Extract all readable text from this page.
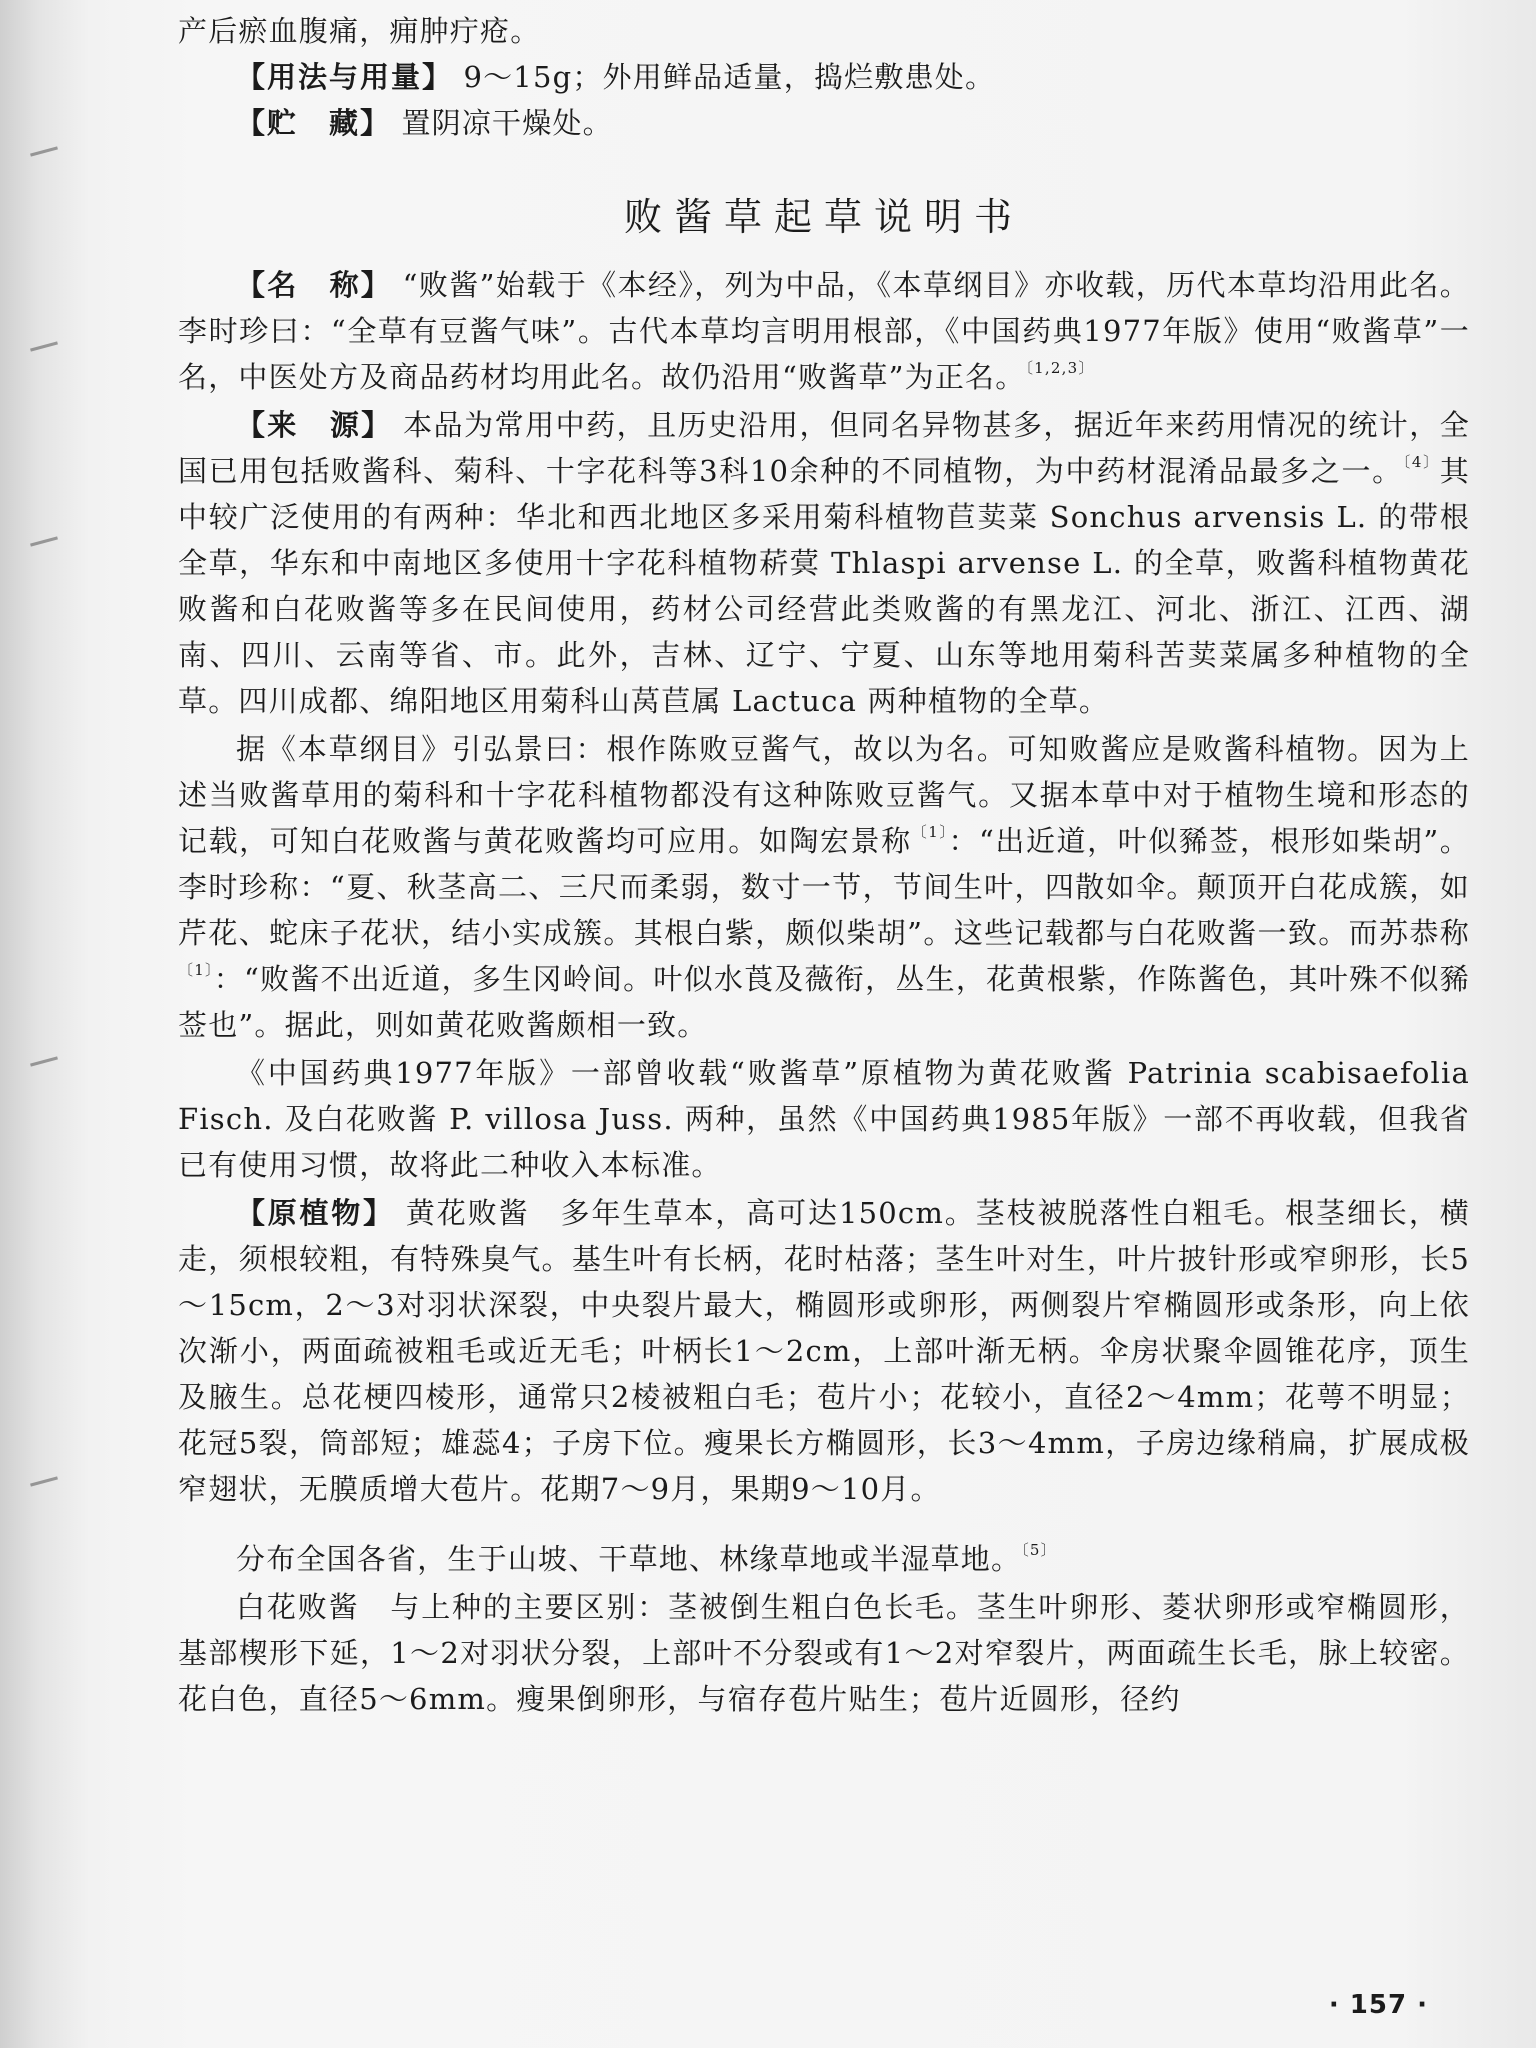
产后瘀血腹痛，痈肿疔疮。

【用法与用量】 9～15g；外用鲜品适量，捣烂敷患处。

【贮　藏】 置阴凉干燥处。

败酱草起草说明书

【名　称】 “败酱”始载于《本经》，列为中品，《本草纲目》亦收载，历代本草均沿用此名。李时珍曰：“全草有豆酱气味”。古代本草均言明用根部，《中国药典1977年版》使用“败酱草”一名，中医处方及商品药材均用此名。故仍沿用“败酱草”为正名。$^{〔1,2,3〕}$

【来　源】 本品为常用中药，且历史沿用，但同名异物甚多，据近年来药用情况的统计，全国已用包括败酱科、菊科、十字花科等3科10余种的不同植物，为中药材混淆品最多之一。$^{〔4〕}$其中较广泛使用的有两种：华北和西北地区多采用菊科植物苣荬菜 Sonchus arvensis L. 的带根全草，华东和中南地区多使用十字花科植物菥蓂 Thlaspi arvense L. 的全草，败酱科植物黄花败酱和白花败酱等多在民间使用，药材公司经营此类败酱的有黑龙江、河北、浙江、江西、湖南、四川、云南等省、市。此外，吉林、辽宁、宁夏、山东等地用菊科苦荬菜属多种植物的全草。四川成都、绵阳地区用菊科山莴苣属 Lactuca 两种植物的全草。

据《本草纲目》引弘景曰：根作陈败豆酱气，故以为名。可知败酱应是败酱科植物。因为上述当败酱草用的菊科和十字花科植物都没有这种陈败豆酱气。又据本草中对于植物生境和形态的记载，可知白花败酱与黄花败酱均可应用。如陶宏景称$^{〔1〕}$：“出近道，叶似豨莶，根形如柴胡”。李时珍称：“夏、秋茎高二、三尺而柔弱，数寸一节，节间生叶，四散如伞。颠顶开白花成簇，如芹花、蛇床子花状，结小实成簇。其根白紫，颇似柴胡”。这些记载都与白花败酱一致。而苏恭称$^{〔1〕}$：“败酱不出近道，多生冈岭间。叶似水莨及薇衔，丛生，花黄根紫，作陈酱色，其叶殊不似豨莶也”。据此，则如黄花败酱颇相一致。

《中国药典1977年版》一部曾收载“败酱草”原植物为黄花败酱 Patrinia scabisaefolia Fisch. 及白花败酱 P. villosa Juss. 两种，虽然《中国药典1985年版》一部不再收载，但我省已有使用习惯，故将此二种收入本标准。

【原植物】 黄花败酱　多年生草本，高可达150cm。茎枝被脱落性白粗毛。根茎细长，横走，须根较粗，有特殊臭气。基生叶有长柄，花时枯落；茎生叶对生，叶片披针形或窄卵形，长5～15cm，2～3对羽状深裂，中央裂片最大，椭圆形或卵形，两侧裂片窄椭圆形或条形，向上依次渐小，两面疏被粗毛或近无毛；叶柄长1～2cm，上部叶渐无柄。伞房状聚伞圆锥花序，顶生及腋生。总花梗四棱形，通常只2棱被粗白毛；苞片小；花较小，直径2～4mm；花萼不明显；花冠5裂，筒部短；雄蕊4；子房下位。瘦果长方椭圆形，长3～4mm，子房边缘稍扁，扩展成极窄翅状，无膜质增大苞片。花期7～9月，果期9～10月。

分布全国各省，生于山坡、干草地、林缘草地或半湿草地。$^{〔5〕}$

白花败酱　与上种的主要区别：茎被倒生粗白色长毛。茎生叶卵形、菱状卵形或窄椭圆形，基部楔形下延，1～2对羽状分裂，上部叶不分裂或有1～2对窄裂片，两面疏生长毛，脉上较密。花白色，直径5～6mm。瘦果倒卵形，与宿存苞片贴生；苞片近圆形，径约

· 157 ·
